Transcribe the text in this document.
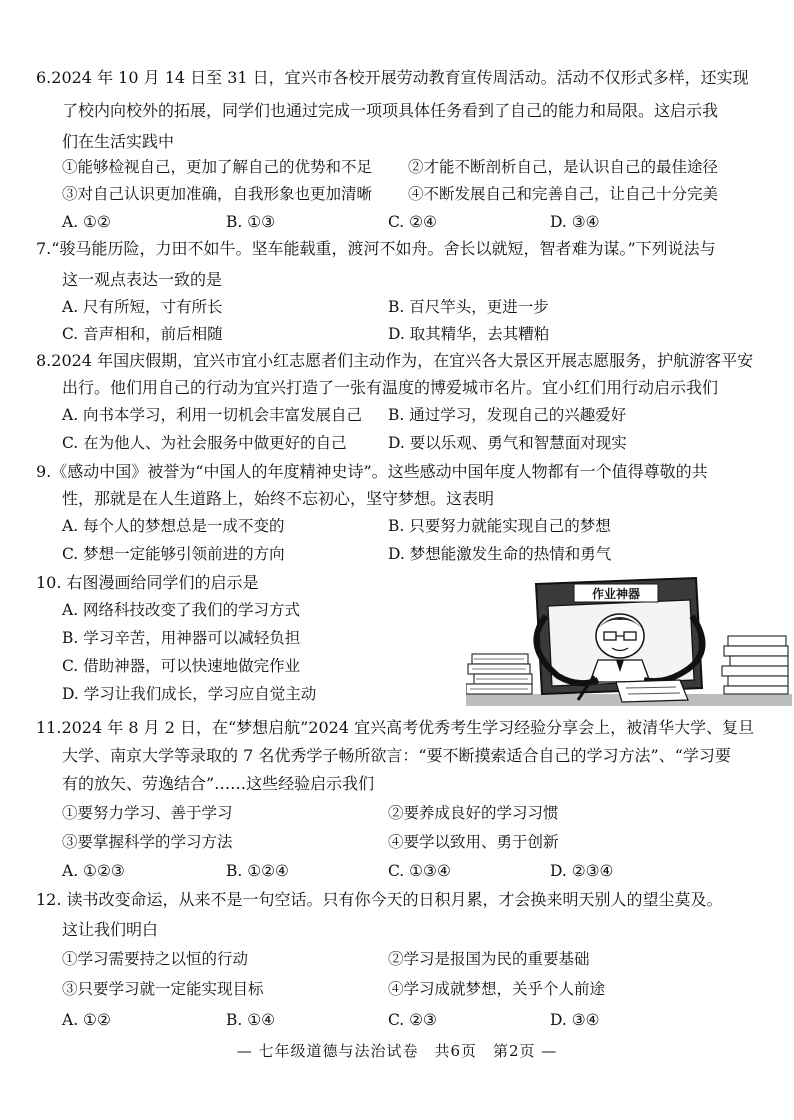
6.2024 年 10 月 14 日至 31 日，宜兴市各校开展劳动教育宣传周活动。活动不仅形式多样，还实现
了校内向校外的拓展，同学们也通过完成一项项具体任务看到了自己的能力和局限。这启示我
们在生活实践中
①能够检视自己，更加了解自己的优势和不足 ②才能不断剖析自己，是认识自己的最佳途径
③对自己认识更加准确，自我形象也更加清晰 ④不断发展自己和完善自己，让自己十分完美
A. ①②	B. ①③	C. ②④	D. ③④
7.“骏马能历险，力田不如牛。坚车能载重，渡河不如舟。舍长以就短，智者难为谋。”下列说法与
这一观点表达一致的是
A. 尺有所短，寸有所长	B. 百尺竿头，更进一步
C. 音声相和，前后相随	D. 取其精华，去其糟粕
8.2024 年国庆假期，宜兴市宜小红志愿者们主动作为，在宜兴各大景区开展志愿服务，护航游客平安
出行。他们用自己的行动为宜兴打造了一张有温度的博爱城市名片。宜小红们用行动启示我们
A. 向书本学习，利用一切机会丰富发展自己 B. 通过学习，发现自己的兴趣爱好
C. 在为他人、为社会服务中做更好的自己	D. 要以乐观、勇气和智慧面对现实
9.《感动中国》被誉为“中国人的年度精神史诗”。这些感动中国年度人物都有一个值得尊敬的共
性，那就是在人生道路上，始终不忘初心，坚守梦想。这表明
A. 每个人的梦想总是一成不变的	B. 只要努力就能实现自己的梦想
C. 梦想一定能够引领前进的方向	D. 梦想能激发生命的热情和勇气
10. 右图漫画给同学们的启示是
A. 网络科技改变了我们的学习方式
B. 学习辛苦，用神器可以减轻负担
C. 借助神器，可以快速地做完作业
D. 学习让我们成长，学习应自觉主动
作业神器
11.2024 年 8 月 2 日，在“梦想启航”2024 宜兴高考优秀考生学习经验分享会上，被清华大学、复旦
大学、南京大学等录取的 7 名优秀学子畅所欲言：“要不断摸索适合自己的学习方法”、“学习要
有的放矢、劳逸结合”……这些经验启示我们
①要努力学习、善于学习	②要养成良好的学习习惯
③要掌握科学的学习方法	④要学以致用、勇于创新
A. ①②③	B. ①②④	C. ①③④	D. ②③④
12. 读书改变命运，从来不是一句空话。只有你今天的日积月累，才会换来明天别人的望尘莫及。
这让我们明白
①学习需要持之以恒的行动	②学习是报国为民的重要基础
③只要学习就一定能实现目标	④学习成就梦想，关乎个人前途
A. ①②	B. ①④	C. ②③	D. ③④
— 七年级道德与法治试卷　共6页　第2页 —
